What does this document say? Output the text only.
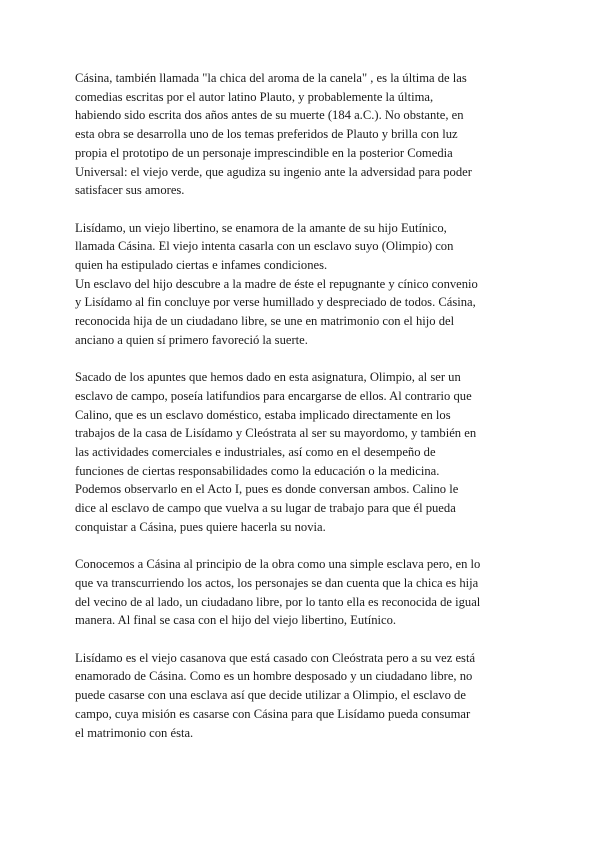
Cásina, también llamada "la chica del aroma de la canela" , es la última de las
comedias escritas por el autor latino Plauto, y probablemente la última,
habiendo sido escrita dos años antes de su muerte (184 a.C.). No obstante, en
esta obra se desarrolla uno de los temas preferidos de Plauto y brilla con luz
propia el prototipo de un personaje imprescindible en la posterior Comedia
Universal: el viejo verde, que agudiza su ingenio ante la adversidad para poder
satisfacer sus amores.

Lisídamo, un viejo libertino, se enamora de la amante de su hijo Eutínico,
llamada Cásina. El viejo intenta casarla con un esclavo suyo (Olimpio) con
quien ha estipulado ciertas e infames condiciones.
Un esclavo del hijo descubre a la madre de éste el repugnante y cínico convenio
y Lisídamo al fin concluye por verse humillado y despreciado de todos. Cásina,
reconocida hija de un ciudadano libre, se une en matrimonio con el hijo del
anciano a quien sí primero favoreció la suerte.

Sacado de los apuntes que hemos dado en esta asignatura, Olimpio, al ser un
esclavo de campo, poseía latifundios para encargarse de ellos. Al contrario que
Calino, que es un esclavo doméstico, estaba implicado directamente en los
trabajos de la casa de Lisídamo y Cleóstrata al ser su mayordomo, y también en
las actividades comerciales e industriales, así como en el desempeño de
funciones de ciertas responsabilidades como la educación o la medicina.
Podemos observarlo en el Acto I, pues es donde conversan ambos. Calino le
dice al esclavo de campo que vuelva a su lugar de trabajo para que él pueda
conquistar a Cásina, pues quiere hacerla su novia.

Conocemos a Cásina al principio de la obra como una simple esclava pero, en lo
que va transcurriendo los actos, los personajes se dan cuenta que la chica es hija
del vecino de al lado, un ciudadano libre, por lo tanto ella es reconocida de igual
manera. Al final se casa con el hijo del viejo libertino, Eutínico.

Lisídamo es el viejo casanova que está casado con Cleóstrata pero a su vez está
enamorado de Cásina. Como es un hombre desposado y un ciudadano libre, no
puede casarse con una esclava así que decide utilizar a Olimpio, el esclavo de
campo, cuya misión es casarse con Cásina para que Lisídamo pueda consumar
el matrimonio con ésta.
